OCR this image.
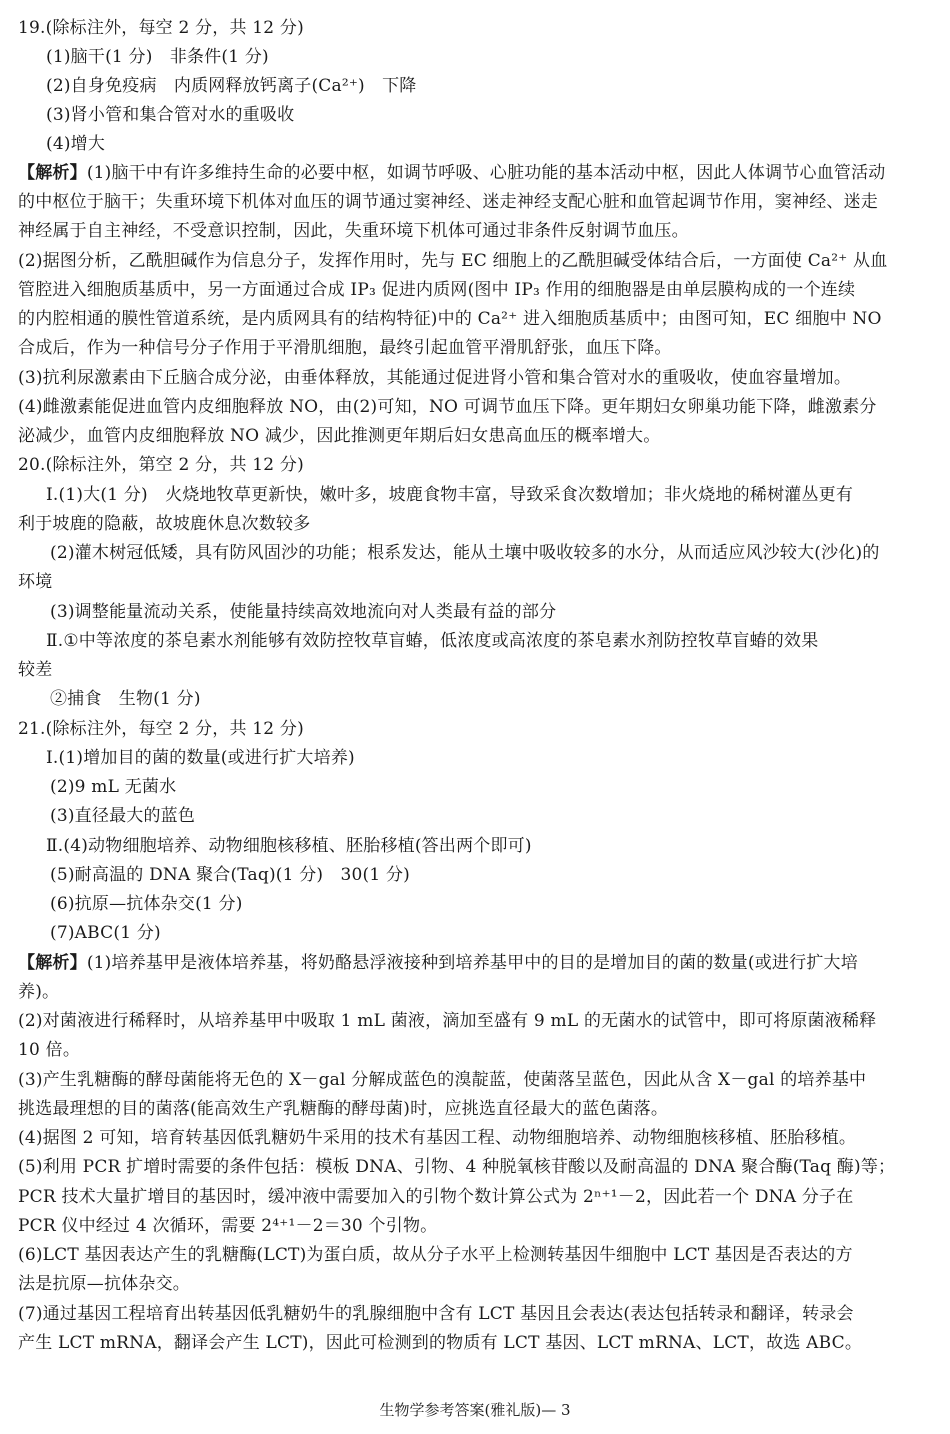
19.(除标注外，每空 2 分，共 12 分)
(1)脑干(1 分)　非条件(1 分)
(2)自身免疫病　内质网释放钙离子(Ca²⁺)　下降
(3)肾小管和集合管对水的重吸收
(4)增大
【解析】(1)脑干中有许多维持生命的必要中枢，如调节呼吸、心脏功能的基本活动中枢，因此人体调节心血管活动
的中枢位于脑干；失重环境下机体对血压的调节通过窦神经、迷走神经支配心脏和血管起调节作用，窦神经、迷走
神经属于自主神经，不受意识控制，因此，失重环境下机体可通过非条件反射调节血压。
(2)据图分析，乙酰胆碱作为信息分子，发挥作用时，先与 EC 细胞上的乙酰胆碱受体结合后，一方面使 Ca²⁺ 从血
管腔进入细胞质基质中，另一方面通过合成 IP₃ 促进内质网(图中 IP₃ 作用的细胞器是由单层膜构成的一个连续
的内腔相通的膜性管道系统，是内质网具有的结构特征)中的 Ca²⁺ 进入细胞质基质中；由图可知，EC 细胞中 NO
合成后，作为一种信号分子作用于平滑肌细胞，最终引起血管平滑肌舒张，血压下降。
(3)抗利尿激素由下丘脑合成分泌，由垂体释放，其能通过促进肾小管和集合管对水的重吸收，使血容量增加。
(4)雌激素能促进血管内皮细胞释放 NO，由(2)可知，NO 可调节血压下降。更年期妇女卵巢功能下降，雌激素分
泌减少，血管内皮细胞释放 NO 减少，因此推测更年期后妇女患高血压的概率增大。
20.(除标注外，第空 2 分，共 12 分)
Ⅰ.(1)大(1 分)　火烧地牧草更新快，嫩叶多，坡鹿食物丰富，导致采食次数增加；非火烧地的稀树灌丛更有
利于坡鹿的隐蔽，故坡鹿休息次数较多
(2)灌木树冠低矮，具有防风固沙的功能；根系发达，能从土壤中吸收较多的水分，从而适应风沙较大(沙化)的
环境
(3)调整能量流动关系，使能量持续高效地流向对人类最有益的部分
Ⅱ.①中等浓度的茶皂素水剂能够有效防控牧草盲蝽，低浓度或高浓度的茶皂素水剂防控牧草盲蝽的效果
较差
②捕食　生物(1 分)
21.(除标注外，每空 2 分，共 12 分)
Ⅰ.(1)增加目的菌的数量(或进行扩大培养)
(2)9 mL 无菌水
(3)直径最大的蓝色
Ⅱ.(4)动物细胞培养、动物细胞核移植、胚胎移植(答出两个即可)
(5)耐高温的 DNA 聚合(Taq)(1 分)　30(1 分)
(6)抗原—抗体杂交(1 分)
(7)ABC(1 分)
【解析】(1)培养基甲是液体培养基，将奶酪悬浮液接种到培养基甲中的目的是增加目的菌的数量(或进行扩大培
养)。
(2)对菌液进行稀释时，从培养基甲中吸取 1 mL 菌液，滴加至盛有 9 mL 的无菌水的试管中，即可将原菌液稀释
10 倍。
(3)产生乳糖酶的酵母菌能将无色的 X－gal 分解成蓝色的溴靛蓝，使菌落呈蓝色，因此从含 X－gal 的培养基中
挑选最理想的目的菌落(能高效生产乳糖酶的酵母菌)时，应挑选直径最大的蓝色菌落。
(4)据图 2 可知，培育转基因低乳糖奶牛采用的技术有基因工程、动物细胞培养、动物细胞核移植、胚胎移植。
(5)利用 PCR 扩增时需要的条件包括：模板 DNA、引物、4 种脱氧核苷酸以及耐高温的 DNA 聚合酶(Taq 酶)等；
PCR 技术大量扩增目的基因时，缓冲液中需要加入的引物个数计算公式为 2ⁿ⁺¹－2，因此若一个 DNA 分子在
PCR 仪中经过 4 次循环，需要 2⁴⁺¹－2＝30 个引物。
(6)LCT 基因表达产生的乳糖酶(LCT)为蛋白质，故从分子水平上检测转基因牛细胞中 LCT 基因是否表达的方
法是抗原—抗体杂交。
(7)通过基因工程培育出转基因低乳糖奶牛的乳腺细胞中含有 LCT 基因且会表达(表达包括转录和翻译，转录会
产生 LCT mRNA，翻译会产生 LCT)，因此可检测到的物质有 LCT 基因、LCT mRNA、LCT，故选 ABC。
生物学参考答案(雅礼版)— 3
